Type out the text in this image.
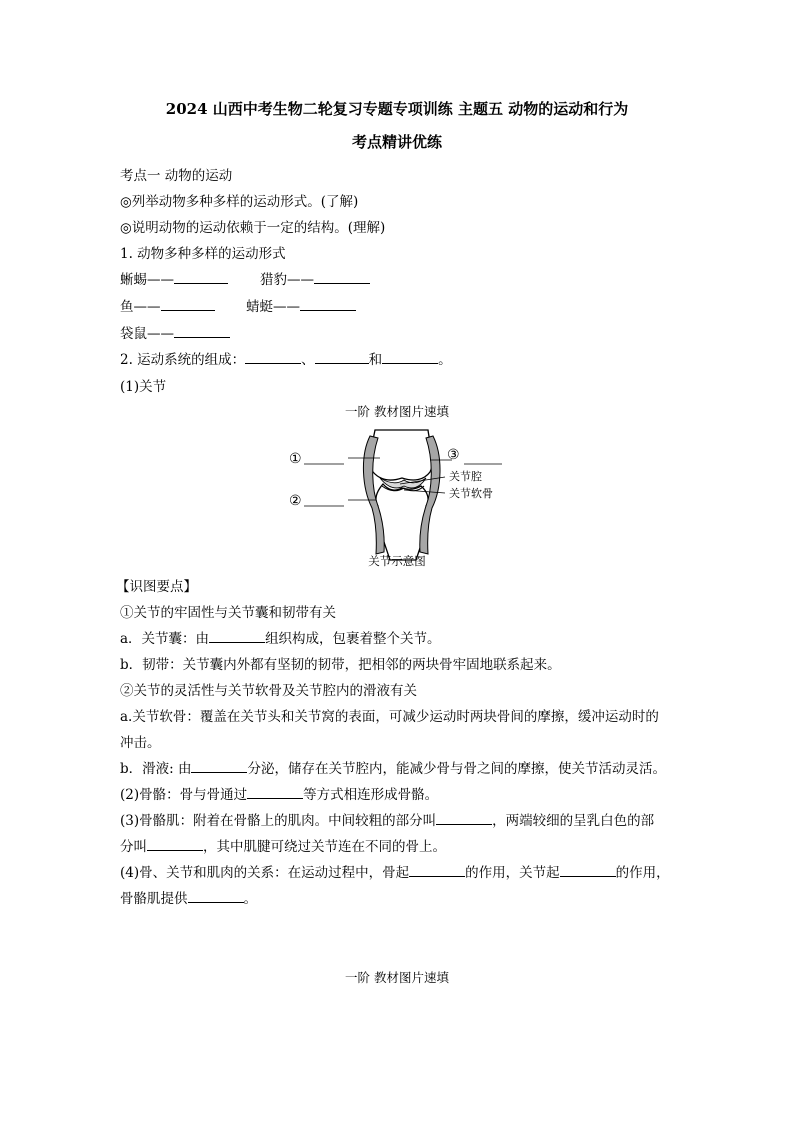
2024 山西中考生物二轮复习专题专项训练 主题五 动物的运动和行为
考点精讲优练
考点一 动物的运动
◎列举动物多种多样的运动形式。(了解)
◎说明动物的运动依赖于一定的结构。(理解)
1. 动物多种多样的运动形式
蜥蜴——	猎豹——
鱼——	蜻蜓——
袋鼠——
2. 运动系统的组成：	、	和	。
(1)关节
一阶 教材图片速填
①
②
③
关节腔
关节软骨
关节示意图
【识图要点】
①关节的牢固性与关节囊和韧带有关
a．关节囊：由	组织构成，包裹着整个关节。
b．韧带：关节囊内外都有坚韧的韧带，把相邻的两块骨牢固地联系起来。
②关节的灵活性与关节软骨及关节腔内的滑液有关
a.关节软骨：覆盖在关节头和关节窝的表面，可减少运动时两块骨间的摩擦，缓冲运动时的
冲击。
b．滑液: 由	分泌，储存在关节腔内，能减少骨与骨之间的摩擦，使关节活动灵活。
(2)骨骼：骨与骨通过	等方式相连形成骨骼。
(3)骨骼肌：附着在骨骼上的肌肉。中间较粗的部分叫	，两端较细的呈乳白色的部
分叫	，其中肌腱可绕过关节连在不同的骨上。
(4)骨、关节和肌肉的关系：在运动过程中，骨起	的作用，关节起	的作用，
骨骼肌提供	。
一阶 教材图片速填
